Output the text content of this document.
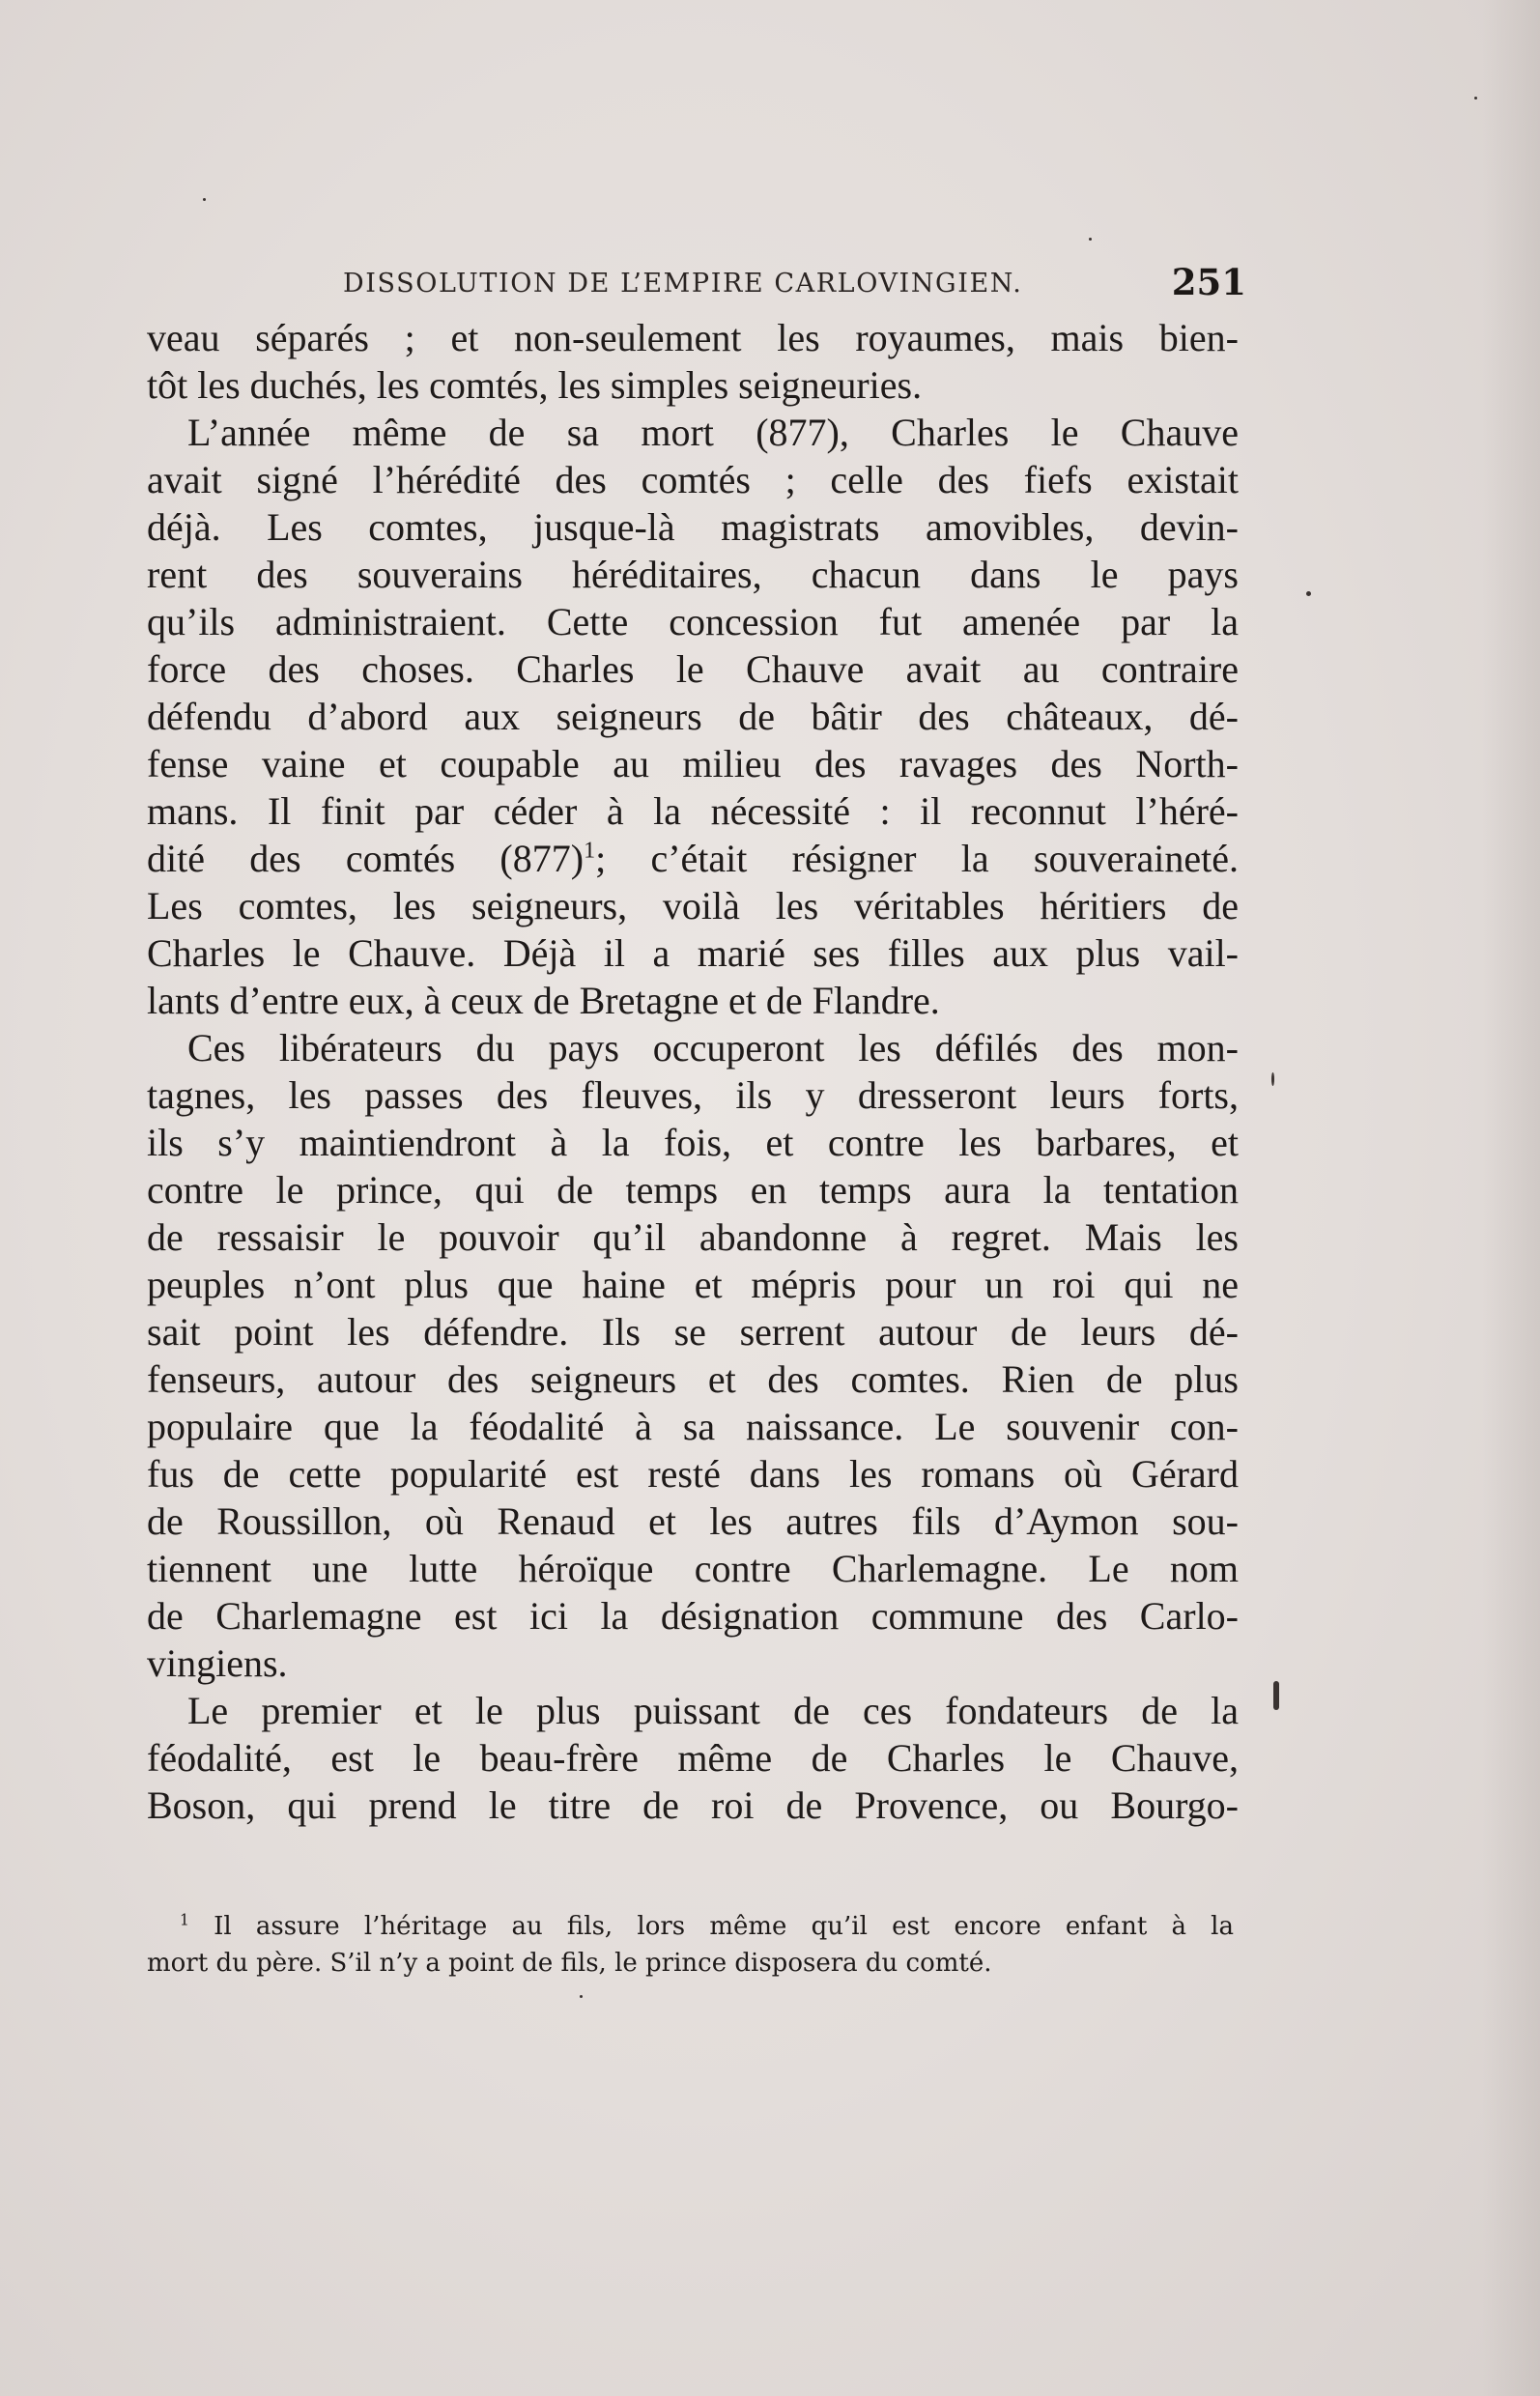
DISSOLUTION DE L’EMPIRE CARLOVINGIEN.	251
veau séparés ; et non-seulement les royaumes, mais bien-
tôt les duchés, les comtés, les simples seigneuries.
L’année même de sa mort (877), Charles le Chauve
avait signé l’hérédité des comtés ; celle des fiefs existait
déjà. Les comtes, jusque-là magistrats amovibles, devin-
rent des souverains héréditaires, chacun dans le pays
qu’ils administraient. Cette concession fut amenée par la
force des choses. Charles le Chauve avait au contraire
défendu d’abord aux seigneurs de bâtir des châteaux, dé-
fense vaine et coupable au milieu des ravages des North-
mans. Il finit par céder à la nécessité : il reconnut l’héré-
dité des comtés $(877)^1$; c’était résigner la souveraineté.
Les comtes, les seigneurs, voilà les véritables héritiers de
Charles le Chauve. Déjà il a marié ses filles aux plus vail-
lants d’entre eux, à ceux de Bretagne et de Flandre.
Ces libérateurs du pays occuperont les défilés des mon-
tagnes, les passes des fleuves, ils y dresseront leurs forts,
ils s’y maintiendront à la fois, et contre les barbares, et
contre le prince, qui de temps en temps aura la tentation
de ressaisir le pouvoir qu’il abandonne à regret. Mais les
peuples n’ont plus que haine et mépris pour un roi qui ne
sait point les défendre. Ils se serrent autour de leurs dé-
fenseurs, autour des seigneurs et des comtes. Rien de plus
populaire que la féodalité à sa naissance. Le souvenir con-
fus de cette popularité est resté dans les romans où Gérard
de Roussillon, où Renaud et les autres fils d’Aymon sou-
tiennent une lutte héroïque contre Charlemagne. Le nom
de Charlemagne est ici la désignation commune des Carlo-
vingiens.
Le premier et le plus puissant de ces fondateurs de la
féodalité, est le beau-frère même de Charles le Chauve,
Boson, qui prend le titre de roi de Provence, ou Bourgo-
$^1$ Il assure l’héritage au fils, lors même qu’il est encore enfant à la
mort du père. S’il n’y a point de fils, le prince disposera du comté.
